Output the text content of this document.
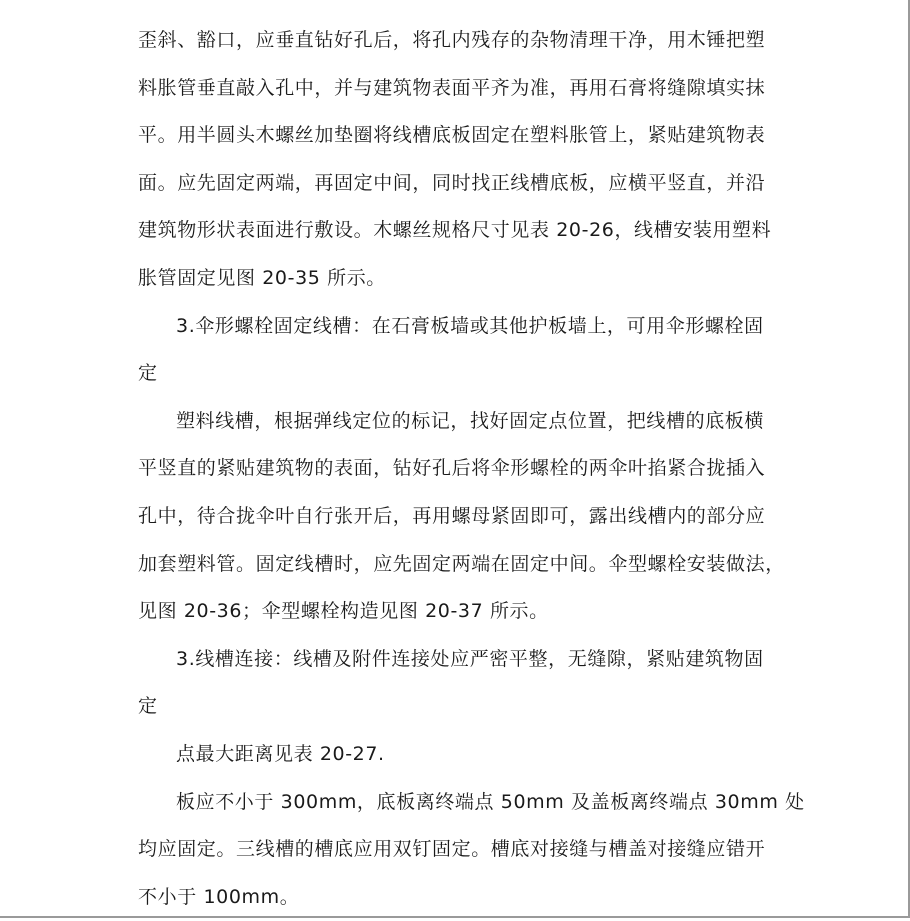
歪斜、豁口，应垂直钻好孔后，将孔内残存的杂物清理干净，用木锤把塑
料胀管垂直敲入孔中，并与建筑物表面平齐为准，再用石膏将缝隙填实抹
平。用半圆头木螺丝加垫圈将线槽底板固定在塑料胀管上，紧贴建筑物表
面。应先固定两端，再固定中间，同时找正线槽底板，应横平竖直，并沿
建筑物形状表面进行敷设。木螺丝规格尺寸见表 20-26，线槽安装用塑料
胀管固定见图 20-35 所示。
3.伞形螺栓固定线槽：在石膏板墙或其他护板墙上，可用伞形螺栓固
定
塑料线槽，根据弹线定位的标记，找好固定点位置，把线槽的底板横
平竖直的紧贴建筑物的表面，钻好孔后将伞形螺栓的两伞叶掐紧合拢插入
孔中，待合拢伞叶自行张开后，再用螺母紧固即可，露出线槽内的部分应
加套塑料管。固定线槽时，应先固定两端在固定中间。伞型螺栓安装做法，
见图 20-36；伞型螺栓构造见图 20-37 所示。
3.线槽连接：线槽及附件连接处应严密平整，无缝隙，紧贴建筑物固
定
点最大距离见表 20-27.
板应不小于 300mm，底板离终端点 50mm 及盖板离终端点 30mm 处
均应固定。三线槽的槽底应用双钉固定。槽底对接缝与槽盖对接缝应错开
不小于 100mm。
